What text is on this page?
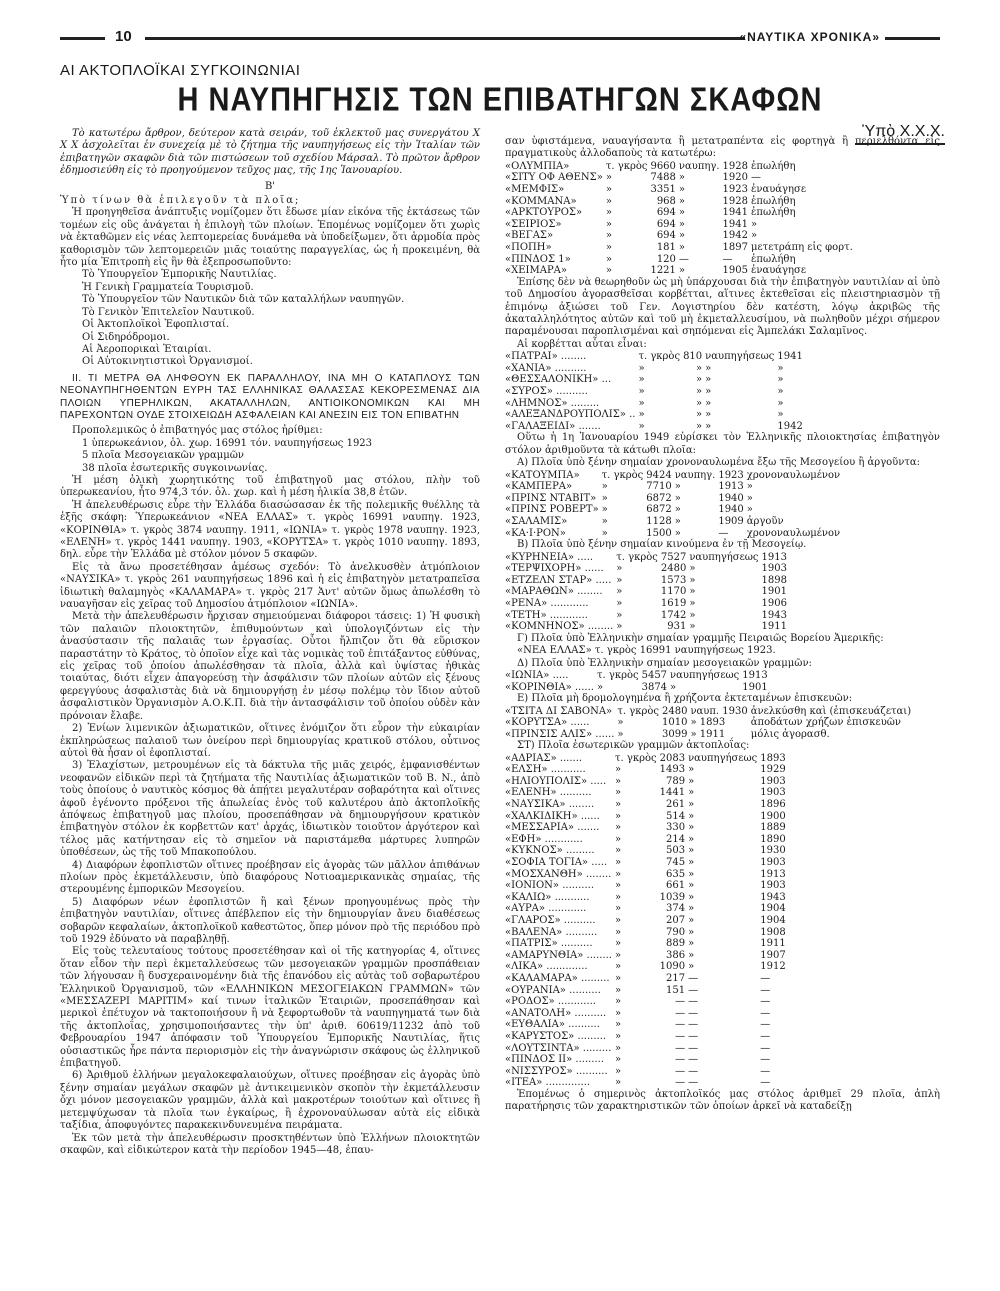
10	«ΝΑΥΤΙΚΑ ΧΡΟΝΙΚΑ»
ΑΙ ΑΚΤΟΠΛΟΪΚΑΙ ΣΥΓΚΟΙΝΩΝΙΑΙ
Η ΝΑΥΠΗΓΗΣΙΣ ΤΩΝ ΕΠΙΒΑΤΗΓΩΝ ΣΚΑΦΩΝ
Ὑπὸ Χ.Χ.Χ.

Τὸ κατωτέρω ἄρθρον, δεύτερον κατὰ σειράν, τοῦ ἐκλεκτοῦ μας συνεργάτου Χ Χ Χ ἀσχολεῖται ἐν συνεχείᾳ μὲ τὸ ζήτημα τῆς ναυπηγήσεως εἰς τὴν Ἰταλίαν τῶν ἐπιβατηγῶν σκαφῶν διὰ τῶν πιστώσεων τοῦ σχεδίου Μάρσαλ. Τὸ πρῶτον ἄρθρον ἐδημοσιεύθη εἰς τὸ προηγούμενον τεῦχος μας, τῆς 1ης Ἰανουαρίου.

Β'

Ὑπὸ τίνων θὰ ἐπιλεγοῦν τὰ πλοῖα;

Ἡ προηγηθεῖσα ἀνάπτυξις νομίζομεν ὅτι ἔδωσε μίαν εἰκόνα τῆς ἐκτάσεως τῶν τομέων εἰς οὓς ἀνάγεται ἡ ἐπιλογὴ τῶν πλοίων. Ἑπομένως νομίζομεν ὅτι χωρὶς νὰ ἐκταθῶμεν εἰς νέας λεπτομερείας δυνάμεθα νὰ ὑποδείξωμεν, ὅτι ἁρμοδία πρὸς καθορισμὸν τῶν λεπτομερειῶν μιᾶς τοιαύτης παραγγελίας, ὡς ἡ προκειμένη, θὰ ἦτο μία Ἐπιτροπὴ εἰς ἣν θὰ ἐξεπροσωποῦντο:

Τὸ Ὑπουργεῖον Ἐμπορικῆς Ναυτιλίας.
Ἡ Γενικὴ Γραμματεία Τουρισμοῦ.
Τὸ Ὑπουργεῖον τῶν Ναυτικῶν διὰ τῶν καταλλήλων ναυπηγῶν.
Τὸ Γενικὸν Ἐπιτελεῖον Ναυτικοῦ.
Οἱ Ἀκτοπλοϊκοὶ Ἐφοπλισταί.
Οἱ Σιδηρόδρομοι.
Αἱ Ἀεροπορικαὶ Ἑταιρίαι.
Οἱ Αὐτοκινητιστικοὶ Ὀργανισμοί.

ΙΙ. ΤΙ ΜΕΤΡΑ ΘΑ ΛΗΦΘΟΥΝ ΕΚ ΠΑΡΑΛΛΗΛΟΥ, ΙΝΑ ΜΗ Ο ΚΑΤΑΠΛΟΥΣ ΤΩΝ ΝΕΟΝΑΥΠΗΓΗΘΕΝΤΩΝ ΕΥΡΗ ΤΑΣ ΕΛΛΗΝΙΚΑΣ ΘΑΛΑΣΣΑΣ ΚΕΚΟΡΕΣΜΕΝΑΣ ΔΙΑ ΠΛΟΙΩΝ ΥΠΕΡΗΛΙΚΩΝ, ΑΚΑΤΑΛΛΗΛΩΝ, ΑΝΤΙΟΙΚΟΝΟΜΙΚΩΝ ΚΑΙ ΜΗ ΠΑΡΕΧΟΝΤΩΝ ΟΥΔΕ ΣΤΟΙΧΕΙΩΔΗ ΑΣΦΑΛΕΙΑΝ ΚΑΙ ΑΝΕΣΙΝ ΕΙΣ ΤΟΝ ΕΠΙΒΑΤΗΝ

Προπολεμικῶς ὁ ἐπιβατηγός μας στόλος ἠρίθμει:

1 ὑπερωκεάνιον, ὁλ. χωρ. 16991 τόν. ναυπηγήσεως 1923
5 πλοῖα Μεσογειακῶν γραμμῶν
38 πλοῖα ἐσωτερικῆς συγκοινωνίας.

Ἡ μέση ὁλικὴ χωρητικότης τοῦ ἐπιβατηγοῦ μας στόλου, πλὴν τοῦ ὑπερωκεανίου, ἦτο 974,3 τόν. ὁλ. χωρ. καὶ ἡ μέση ἡλικία 38,8 ἐτῶν.

Ἡ ἀπελευθέρωσις εὗρε τὴν Ἑλλάδα διασώσασαν ἐκ τῆς πολεμικῆς θυέλλης τὰ ἑξῆς σκάφη: Ὑπερωκεάνιον «ΝΕΑ ΕΛΛΑΣ» τ. γκρὸς 16991 ναυπηγ. 1923, «ΚΟΡΙΝΘΙΑ» τ. γκρὸς 3874 ναυπηγ. 1911, «ΙΩΝΙΑ» τ. γκρὸς 1978 ναυπηγ. 1923, «ΕΛΕΝΗ» τ. γκρὸς 1441 ναυπηγ. 1903, «ΚΟΡΥΤΣΑ» τ. γκρὸς 1010 ναυπηγ. 1893, δηλ. εὗρε τὴν Ἑλλάδα μὲ στόλον μόνον 5 σκαφῶν.

Εἰς τὰ ἄνω προσετέθησαν ἀμέσως σχεδόν: Τὸ ἀνελκυσθὲν ἀτμόπλοιον «ΝΑΥΣΙΚΑ» τ. γκρὸς 261 ναυπηγήσεως 1896 καὶ ἡ εἰς ἐπιβατηγὸν μετατραπεῖσα ἰδιωτικὴ θαλαμηγὸς «ΚΑΛΑΜΑΡΑ» τ. γκρὸς 217 Ἀντ' αὐτῶν ὅμως ἀπωλέσθη τὸ ναυαγῆσαν εἰς χεῖρας τοῦ Δημοσίου ἀτμόπλοιον «ΙΩΝΙΑ».

Μετὰ τὴν ἀπελευθέρωσιν ἤρχισαν σημειούμεναι διάφοροι τάσεις: 1) Ἡ φυσικὴ τῶν παλαιῶν πλοιοκτητῶν, ἐπιθυμούντων καὶ ὑπολογιζόντων εἰς τὴν ἀνασύστασιν τῆς παλαιᾶς των ἐργασίας. Οὗτοι ἤλπιζον ὅτι θὰ εὕρισκον παραστάτην τὸ Κράτος, τὸ ὁποῖον εἶχε καὶ τὰς νομικὰς τοῦ ἐπιτάξαντος εὐθύνας, εἰς χεῖρας τοῦ ὁποίου ἀπωλέσθησαν τὰ πλοῖα, ἀλλὰ καὶ ὑψίστας ἠθικὰς τοιαύτας, διότι εἶχεν ἀπαγορεύσῃ τὴν ἀσφάλισιν τῶν πλοίων αὐτῶν εἰς ξένους φερεγγύους ἀσφαλιστὰς διὰ νὰ δημιουργήσῃ ἐν μέσῳ πολέμῳ τὸν ἴδιον αὐτοῦ ἀσφαλιστικὸν Ὀργανισμὸν Α.Ο.Κ.Π. διὰ τὴν ἀντασφάλισιν τοῦ ὁποίου οὐδὲν κὰν πρόνοιαν ἔλαβε.

2) Ἐνίων λιμενικῶν ἀξιωματικῶν, οἵτινες ἐνόμιζον ὅτι εὗρον τὴν εὐκαιρίαν ἐκπληρώσεως παλαιοῦ των ὀνείρου περὶ δημιουργίας κρατικοῦ στόλου, οὗτινος αὐτοὶ θὰ ἦσαν οἱ ἐφοπλισταί.

3) Ἐλαχίστων, μετρουμένων εἰς τὰ δάκτυλα τῆς μιᾶς χειρός, ἐμφανισθέντων νεοφανῶν εἰδικῶν περὶ τὰ ζητήματα τῆς Ναυτιλίας ἀξιωματικῶν τοῦ Β. Ν., ἀπὸ τοὺς ὁποίους ὁ ναυτικὸς κόσμος θὰ ἀπῄτει μεγαλυτέραν σοβαρότητα καὶ οἵτινες ἀφοῦ ἐγένοντο πρόξενοι τῆς ἀπωλείας ἑνὸς τοῦ καλυτέρου ἀπὸ ἀκτοπλοϊκῆς ἀπόψεως ἐπιβατηγοῦ μας πλοίου, προσεπάθησαν νὰ δημιουργήσουν κρατικὸν ἐπιβατηγὸν στόλον ἐκ κορβεττῶν κατ' ἀρχάς, ἰδιωτικὸν τοιοῦτον ἀργότερον καὶ τέλος μᾶς κατήντησαν εἰς τὸ σημεῖον νὰ παριστάμεθα μάρτυρες λυπηρῶν ὑποθέσεων, ὡς τῆς τοῦ Μπακοπούλου.

4) Διαφόρων ἐφοπλιστῶν οἵτινες προέβησαν εἰς ἀγορὰς τῶν μᾶλλον ἀπιθάνων πλοίων πρὸς ἐκμετάλλευσιν, ὑπὸ διαφόρους Νοτιοαμερικανικὰς σημαίας, τῆς στερουμένης ἐμπορικῶν Μεσογείου.

5) Διαφόρων νέων ἐφοπλιστῶν ἢ καὶ ξένων προηγουμένως πρὸς τὴν ἐπιβατηγὸν ναυτιλίαν, οἵτινες ἀπέβλεπον εἰς τὴν δημιουργίαν ἄνευ διαθέσεως σοβαρῶν κεφαλαίων, ἀκτοπλοϊκοῦ καθεστῶτος, ὅπερ μόνον πρὸ τῆς περιόδου πρὸ τοῦ 1929 ἐδύνατο νὰ παραβληθῇ.

Εἰς τοὺς τελευταίους τούτους προσετέθησαν καὶ οἱ τῆς κατηγορίας 4, οἵτινες ὅταν εἶδον τὴν περὶ ἐκμεταλλεύσεως τῶν μεσογειακῶν γραμμῶν προσπάθειαν τῶν λήγουσαν ἢ δυσχεραινομένην διὰ τῆς ἐπανόδου εἰς αὐτὰς τοῦ σοβαρωτέρου Ἑλληνικοῦ Ὀργανισμοῦ, τῶν «ΕΛΛΗΝΙΚΩΝ ΜΕΣΟΓΕΙΑΚΩΝ ΓΡΑΜΜΩΝ» τῶν «ΜΕΣΣΑΖΕΡΙ ΜΑΡΙΤΙΜ» καί τινων ἰταλικῶν Ἑταιριῶν, προσεπάθησαν καὶ μερικοὶ ἐπέτυχον νὰ τακτοποιήσουν ἢ νὰ ξεφορτωθοῦν τὰ ναυπηγηματά των διὰ τῆς ἀκτοπλοΐας, χρησιμοποιήσαντες τὴν ὑπ' ἀριθ. 60619/11232 ἀπὸ τοῦ Φεβρουαρίου 1947 ἀπόφασιν τοῦ Ὑπουργείου Ἐμπορικῆς Ναυτιλίας, ἥτις οὐσιαστικῶς ἦρε πάντα περιορισμὸν εἰς τὴν ἀναγνώρισιν σκάφους ὡς ἑλληνικοῦ ἐπιβατηγοῦ.

6) Ἀριθμοῦ ἑλλήνων μεγαλοκεφαλαιούχων, οἵτινες προέβησαν εἰς ἀγορὰς ὑπὸ ξένην σημαίαν μεγάλων σκαφῶν μὲ ἀντικειμενικὸν σκοπὸν τὴν ἐκμετάλλευσιν ὄχι μόνον μεσογειακῶν γραμμῶν, ἀλλὰ καὶ μακροτέρων τοιούτων καὶ οἵτινες ἢ μετεμψύχωσαν τὰ πλοῖα των ἐγκαίρως, ἢ ἐχρονοναύλωσαν αὐτὰ εἰς εἰδικὰ ταξίδια, ἀποφυγόντες παρακεκινδυνευμένα πειράματα.

Ἐκ τῶν μετὰ τὴν ἀπελευθέρωσιν προσκτηθέντων ὑπὸ Ἑλλήνων πλοιοκτητῶν σκαφῶν, καὶ εἰδικώτερον κατὰ τὴν περίοδον 1945—48, ἐπαυ-

σαν ὑφιστάμενα, ναυαγήσαντα ἢ μετατραπέντα εἰς φορτηγὰ ἢ περιελθόντα εἰς πραγματικοὺς ἀλλοδαποὺς τὰ κατωτέρω:

«ΟΛΥΜΠΙΑ»	τ. γκρὸς	9660	ναυπηγ.	1928	ἐπωλήθη
«ΣΙΤΥ ΟΦ ΑΘΕΝΣ»	»	7488	»	1920	—
«ΜΕΜΦΙΣ»	»	3351	»	1923	ἐναυάγησε
«ΚΟΜΜΑΝΑ»	»	968	»	1928	ἐπωλήθη
«ΑΡΚΤΟΥΡΟΣ»	»	694	»	1941	ἐπωλήθη
«ΣΕΙΡΙΟΣ»	»	694	»	1941	»
«ΒΕΓΑΣ»	»	694	»	1942	»
«ΠΟΠΗ»	»	181	»	1897	μετετράπη εἰς φορτ.
«ΠΙΝΔΟΣ 1»	»	120	—	—	ἐπωλήθη
«ΧΕΙΜΑΡΑ»	»	1221	»	1905	ἐναυάγησε

Ἐπίσης δὲν νὰ θεωρηθοῦν ὡς μὴ ὑπάρχουσαι διὰ τὴν ἐπιβατηγὸν ναυτιλίαν αἱ ὑπὸ τοῦ Δημοσίου ἀγορασθεῖσαι κορβέτται, αἵτινες ἐκτεθεῖσαι εἰς πλειστηριασμὸν τῇ ἐπιμόνῳ ἀξιώσει τοῦ Γεν. Λογιστηρίου δὲν κατέστη, λόγῳ ἀκριβῶς τῆς ἀκαταλληλότητος αὐτῶν καὶ τοῦ μὴ ἐκμεταλλευσίμου, νὰ πωληθοῦν μέχρι σήμερον παραμένουσαι παροπλισμέναι καὶ σηπόμεναι εἰς Ἀμπελάκι Σαλαμῖνος.

Αἱ κορβέτται αὗται εἶναι:

«ΠΑΤΡΑΙ» ........	τ. γκρὸς	810	ναυπηγήσεως	1941
«ΧΑΝΙΑ» ..........	»	»	»	»
«ΘΕΣΣΑΛΟΝΙΚΗ» ...	»	»	»	»
«ΣΥΡΟΣ» ..........	»	»	»	»
«ΛΗΜΝΟΣ» .........	»	»	»	»
«ΑΛΕΞΑΝΔΡΟΥΠΟΛΙΣ» ..	»	»	»	»
«ΓΑΛΑΞΕΙΔΙ» .......	»	»	»	1942

Οὕτω ἡ 1η Ἰανουαρίου 1949 εὑρίσκει τὸν Ἑλληνικῆς πλοιοκτησίας ἐπιβατηγὸν στόλον ἀριθμοῦντα τὰ κάτωθι πλοῖα:

Α) Πλοῖα ὑπὸ ξένην σημαίαν χρονοναυλωμένα ἔξω τῆς Μεσογείου ἢ ἀργοῦντα:

«ΚΑΤΟΥΜΠΑ»	τ. γκρὸς	9424	ναυπηγ.	1923	χρονοναυλωμένον
«ΚΑΜΠΕΡΑ»	»	7710	»	1913	»
«ΠΡΙΝΣ ΝΤΑΒΙΤ»	»	6872	»	1940	»
«ΠΡΙΝΣ ΡΟΒΕΡΤ»	»	6872	»	1940	»
«ΣΑΛΑΜΙΣ»	»	1128	»	1909	ἀργοῦν
«ΚΑ·Ι·ΡΟΝ»	»	1500	»	—	χρονοναυλωμένον

Β) Πλοῖα ὑπὸ ξένην σημαίαν κινούμενα ἐν τῇ Μεσογείῳ.

«ΚΥΡΗΝΕΙΑ» .....	τ. γκρὸς	7527	ναυπηγήσεως	1913
«ΤΕΡΨΙΧΟΡΗ» ......	»	2480	»	1903
«ΕΤΖΕΛΝ ΣΤΑΡ» .....	»	1573	»	1898
«ΜΑΡΑΘΩΝ» ........	»	1170	»	1901
«ΡΕΝΑ» ............	»	1619	»	1906
«ΤΕΤΗ» ............	»	1742	»	1943
«ΚΟΜΝΗΝΟΣ» ........	»	931	»	1911

Γ) Πλοῖα ὑπὸ Ἑλληνικὴν σημαίαν γραμμῆς Πειραιῶς Βορείου Ἀμερικῆς:

«ΝΕΑ ΕΛΛΑΣ» τ. γκρὸς 16991 ναυπηγήσεως 1923.

Δ) Πλοῖα ὑπὸ Ἑλληνικὴν σημαίαν μεσογειακῶν γραμμῶν:

«ΙΩΝΙΑ» .....	τ. γκρὸς	5457	ναυπηγήσεως	1913
«ΚΟΡΙΝΘΙΑ» ......	»	3874	»	1901

Ε) Πλοῖα μὴ δρομολογημένα ἢ χρήζοντα ἐκτεταμένων ἐπισκευῶν:

«ΤΣΙΤΑ ΔΙ ΣΑΒΟΝΑ»	τ. γκρὸς	2480	ναυπ. 1930	ἀνελκύσθη καὶ (ἐπισκευάζεται)
«ΚΟΡΥΤΣΑ» ......	»	1010	» 1893	ἀποδάτων χρήζων ἐπισκευῶν
«ΠΡΙΝΣΙΣ ΑΛΙΣ» ......	»	3099	» 1911	μόλις ἀγορασθ.

ΣΤ) Πλοῖα ἐσωτερικῶν γραμμῶν ἀκτοπλοΐας:

«ΑΔΡΙΑΣ» .......	τ. γκρὸς	2083	ναυπηγήσεως	1893
«ΕΛΣΗ» ...........	»	1493	»	1929
«ΗΛΙΟΥΠΟΛΙΣ» .....	»	789	»	1903
«ΕΛΕΝΗ» ..........	»	1441	»	1903
«ΝΑΥΣΙΚΑ» ........	»	261	»	1896
«ΧΑΛΚΙΔΙΚΗ» ......	»	514	»	1900
«ΜΕΣΣΑΡΙΑ» .......	»	330	»	1889
«ΕΦΗ» ............	»	214	»	1890
«ΚΥΚΝΟΣ» .........	»	503	»	1930
«ΣΟΦΙΑ ΤΟΓΙΑ» .....	»	745	»	1903
«ΜΟΣΧΑΝΘΗ» ........	»	635	»	1913
«ΙΟΝΙΟΝ» ..........	»	661	»	1903
«ΚΑΛΙΩ» ...........	»	1039	»	1943
«ΑΥΡΑ» ............	»	374	»	1904
«ΓΛΑΡΟΣ» ..........	»	207	»	1904
«ΒΑΛΕΝΑ» ..........	»	790	»	1908
«ΠΑΤΡΙΣ» ..........	»	889	»	1911
«ΑΜΑΡΥΝΘΙΑ» ........	»	386	»	1907
«ΛΙΚΑ» .............	»	1090	»	1912
«ΚΑΛΑΜΑΡΑ» .........	»	217	—	—
«ΟΥΡΑΝΙΑ» ..........	»	151	—	—
«ΡΟΔΟΣ» ............	»	—	—	—
«ΑΝΑΤΟΛΗ» ..........	»	—	—	—
«ΕΥΘΑΛΙΑ» ..........	»	—	—	—
«ΚΑΡΥΣΤΟΣ» .........	»	—	—	—
«ΛΟΥΤΣΙΝΤΑ» .........	»	—	—	—
«ΠΙΝΔΟΣ ΙΙ» .........	»	—	—	—
«ΝΙΣΣΥΡΟΣ» ..........	»	—	—	—
«ΙΤΕΑ» ..............	»	—	—	—

Ἑπομένως ὁ σημερινὸς ἀκτοπλοϊκός μας στόλος ἀριθμεῖ 29 πλοῖα, ἁπλὴ παρατήρησις τῶν χαρακτηριστικῶν τῶν ὁποίων ἀρκεῖ νὰ καταδείξῃ
